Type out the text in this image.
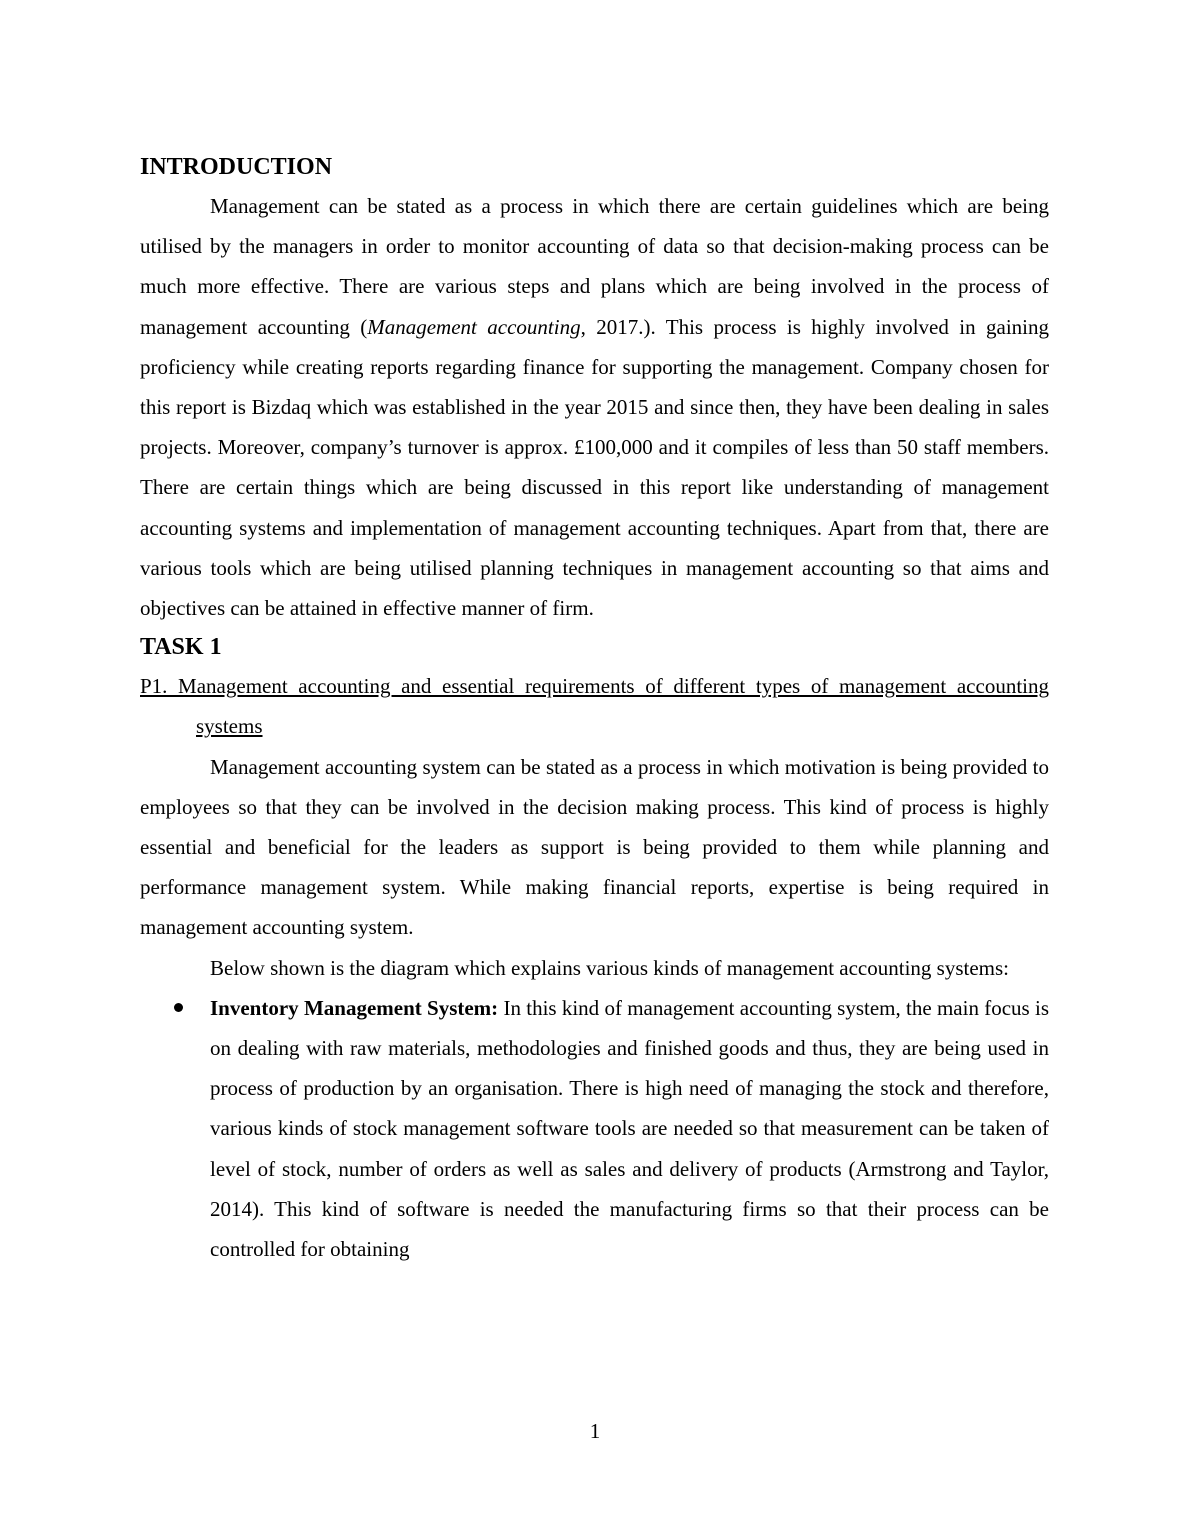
INTRODUCTION

Management can be stated as a process in which there are certain guidelines which are being utilised by the managers in order to monitor accounting of data so that decision-making process can be much more effective. There are various steps and plans which are being involved in the process of management accounting (Management accounting, 2017.). This process is highly involved in gaining proficiency while creating reports regarding finance for supporting the management. Company chosen for this report is Bizdaq which was established in the year 2015 and since then, they have been dealing in sales projects. Moreover, company’s turnover is approx. £100,000 and it compiles of less than 50 staff members. There are certain things which are being discussed in this report like understanding of management accounting systems and implementation of management accounting techniques. Apart from that, there are various tools which are being utilised planning techniques in management accounting so that aims and objectives can be attained in effective manner of firm.

TASK 1

P1. Management accounting and essential requirements of different types of management accounting systems

Management accounting system can be stated as a process in which motivation is being provided to employees so that they can be involved in the decision making process. This kind of process is highly essential and beneficial for the leaders as support is being provided to them while planning and performance management system. While making financial reports, expertise is being required in management accounting system.

Below shown is the diagram which explains various kinds of management accounting systems:

Inventory Management System: In this kind of management accounting system, the main focus is on dealing with raw materials, methodologies and finished goods and thus, they are being used in process of production by an organisation. There is high need of managing the stock and therefore, various kinds of stock management software tools are needed so that measurement can be taken of level of stock, number of orders as well as sales and delivery of products (Armstrong and Taylor, 2014). This kind of software is needed the manufacturing firms so that their process can be controlled for obtaining
1
